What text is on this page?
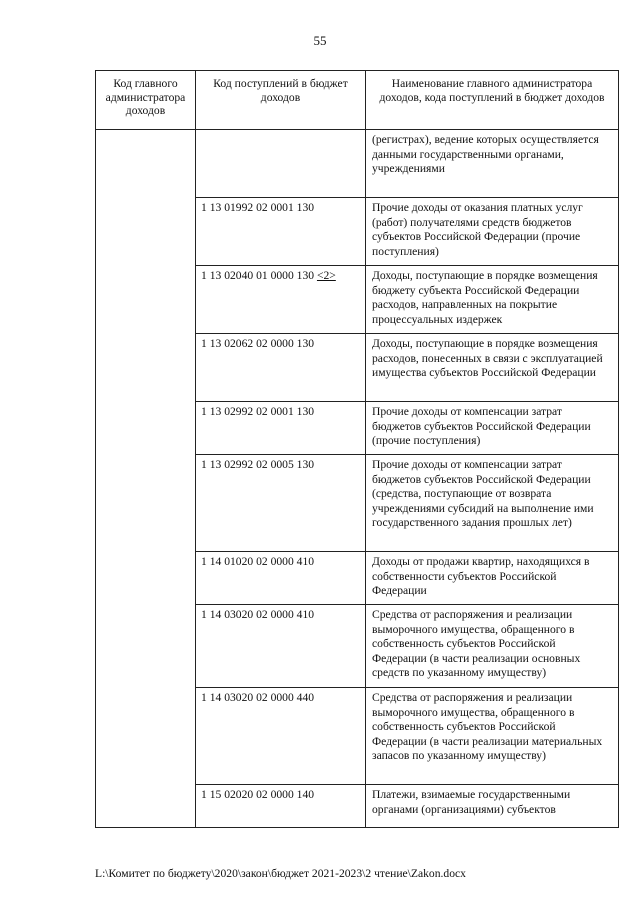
55
Код главного администратора доходов	Код поступлений в бюджет доходов	Наименование главного администратора доходов, кода поступлений в бюджет доходов
		(регистрах), ведение которых осуществляется данными государственными органами, учреждениями
	1 13 01992 02 0001 130	Прочие доходы от оказания платных услуг (работ) получателями средств бюджетов субъектов Российской Федерации (прочие поступления)
	1 13 02040 01 0000 130 <2>	Доходы, поступающие в порядке возмещения бюджету субъекта Российской Федерации расходов, направленных на покрытие процессуальных издержек
	1 13 02062 02 0000 130	Доходы, поступающие в порядке возмещения расходов, понесенных в связи с эксплуатацией имущества субъектов Российской Федерации
	1 13 02992 02 0001 130	Прочие доходы от компенсации затрат бюджетов субъектов Российской Федерации (прочие поступления)
	1 13 02992 02 0005 130	Прочие доходы от компенсации затрат бюджетов субъектов Российской Федерации (средства, поступающие от возврата учреждениями субсидий на выполнение ими государственного задания прошлых лет)
	1 14 01020 02 0000 410	Доходы от продажи квартир, находящихся в собственности субъектов Российской Федерации
	1 14 03020 02 0000 410	Средства от распоряжения и реализации выморочного имущества, обращенного в собственность субъектов Российской Федерации (в части реализации основных средств по указанному имуществу)
	1 14 03020 02 0000 440	Средства от распоряжения и реализации выморочного имущества, обращенного в собственность субъектов Российской Федерации (в части реализации материальных запасов по указанному имуществу)
	1 15 02020 02 0000 140	Платежи, взимаемые государственными органами (организациями) субъектов
L:\Комитет по бюджету\2020\закон\бюджет 2021-2023\2 чтение\Zakon.docx
